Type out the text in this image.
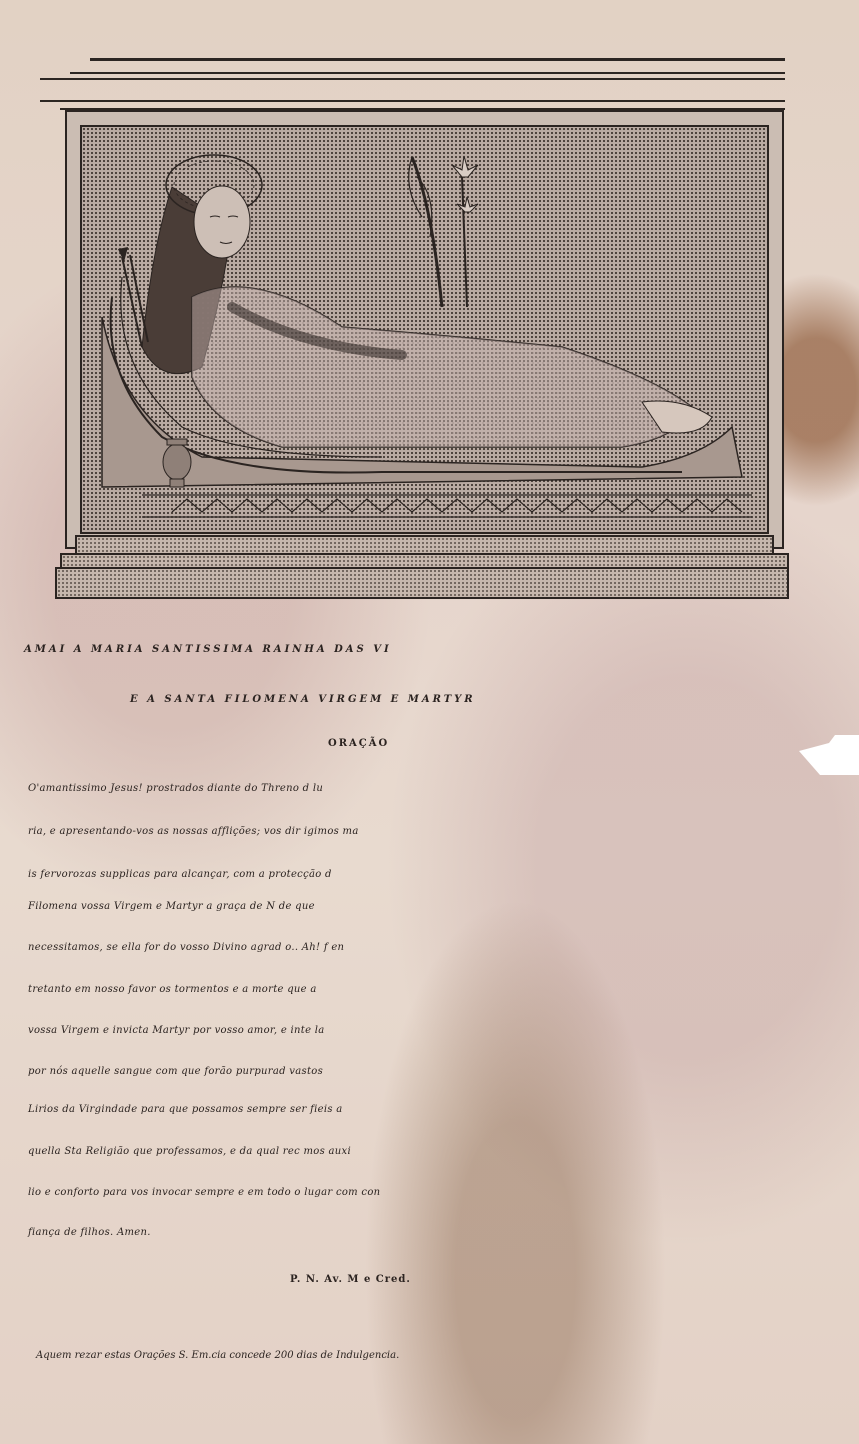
AMAI A MARIA SANTISSIMA RAINHA DAS VI
E A SANTA FILOMENA VIRGEM E MARTYR
ORAÇÃO
O'amantissimo Jesus! prostrados diante do Threno d lu
ria, e apresentando-vos as nossas afflições; vos dir igimos ma
is fervorozas supplicas para alcançar, com a protecção d
Filomena vossa Virgem e Martyr a graça de N de que
necessitamos, se ella for do vosso Divino agrad o.. Ah! f en
tretanto em nosso favor os tormentos e a morte que a
vossa Virgem e invicta Martyr por vosso amor, e inte la
por nós aquelle sangue com que forão purpurad vastos
Lirios da Virgindade para que possamos sempre ser fieis a
quella Sta Religião que professamos, e da qual rec mos auxi
lio e conforto para vos invocar sempre e em todo o lugar com con
fiança de filhos. Amen.
P. N. Av. M e Cred.
Aquem rezar estas Orações S. Em.cia concede 200 dias de Indulgencia.
